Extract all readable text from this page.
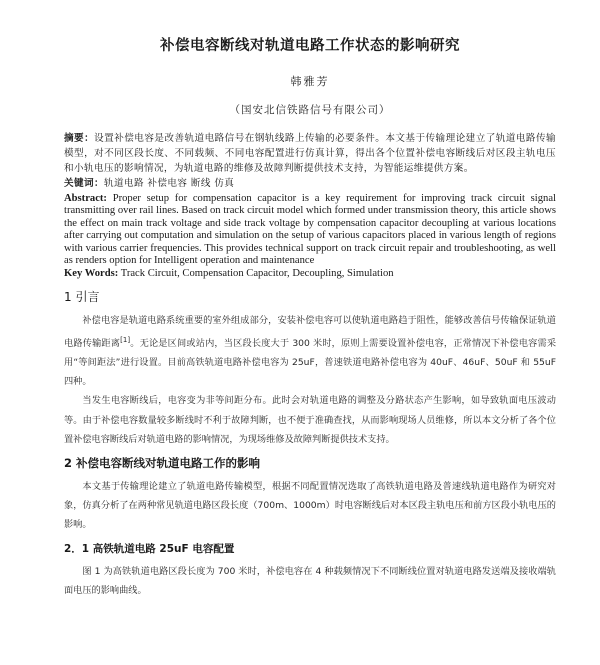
补偿电容断线对轨道电路工作状态的影响研究
韩雅芳
（国安北信铁路信号有限公司）

摘要：设置补偿电容是改善轨道电路信号在钢轨线路上传输的必要条件。本文基于传输理论建立了轨道电路传输模型，对不同区段长度、不同载频、不同电容配置进行仿真计算，得出各个位置补偿电容断线后对区段主轨电压和小轨电压的影响情况，为轨道电路的维修及故障判断提供技术支持，为智能运维提供方案。

关键词：轨道电路 补偿电容 断线 仿真

Abstract: Proper setup for compensation capacitor is a key requirement for improving track circuit signal transmitting over rail lines. Based on track circuit model which formed under transmission theory, this article shows the effect on main track voltage and side track voltage by compensation capacitor decoupling at various locations after carrying out computation and simulation on the setup of various capacitors placed in various length of regions with various carrier frequencies. This provides technical support on track circuit repair and troubleshooting, as well as renders option for Intelligent operation and maintenance

Key Words: Track Circuit, Compensation Capacitor, Decoupling, Simulation

1 引言

补偿电容是轨道电路系统重要的室外组成部分，安装补偿电容可以使轨道电路趋于阻性，能够改善信号传输保证轨道电路传输距离[1]。无论是区间或站内，当区段长度大于 300 米时，原则上需要设置补偿电容，正常情况下补偿电容需采用“等间距法”进行设置。目前高铁轨道电路补偿电容为 25uF，普速铁道电路补偿电容为 40uF、46uF、50uF 和 55uF 四种。

当发生电容断线后，电容变为非等间距分布。此时会对轨道电路的调整及分路状态产生影响，如导致轨面电压波动等。由于补偿电容数量较多断线时不利于故障判断，也不便于准确查找，从而影响现场人员维修，所以本文分析了各个位置补偿电容断线后对轨道电路的影响情况，为现场维修及故障判断提供技术支持。

2 补偿电容断线对轨道电路工作的影响

本文基于传输理论建立了轨道电路传输模型，根据不同配置情况选取了高铁轨道电路及普速线轨道电路作为研究对象，仿真分析了在两种常见轨道电路区段长度（700m、1000m）时电容断线后对本区段主轨电压和前方区段小轨电压的影响。

2．1 高铁轨道电路 25uF 电容配置

图 1 为高铁轨道电路区段长度为 700 米时，补偿电容在 4 种载频情况下不同断线位置对轨道电路发送端及接收端轨面电压的影响曲线。
